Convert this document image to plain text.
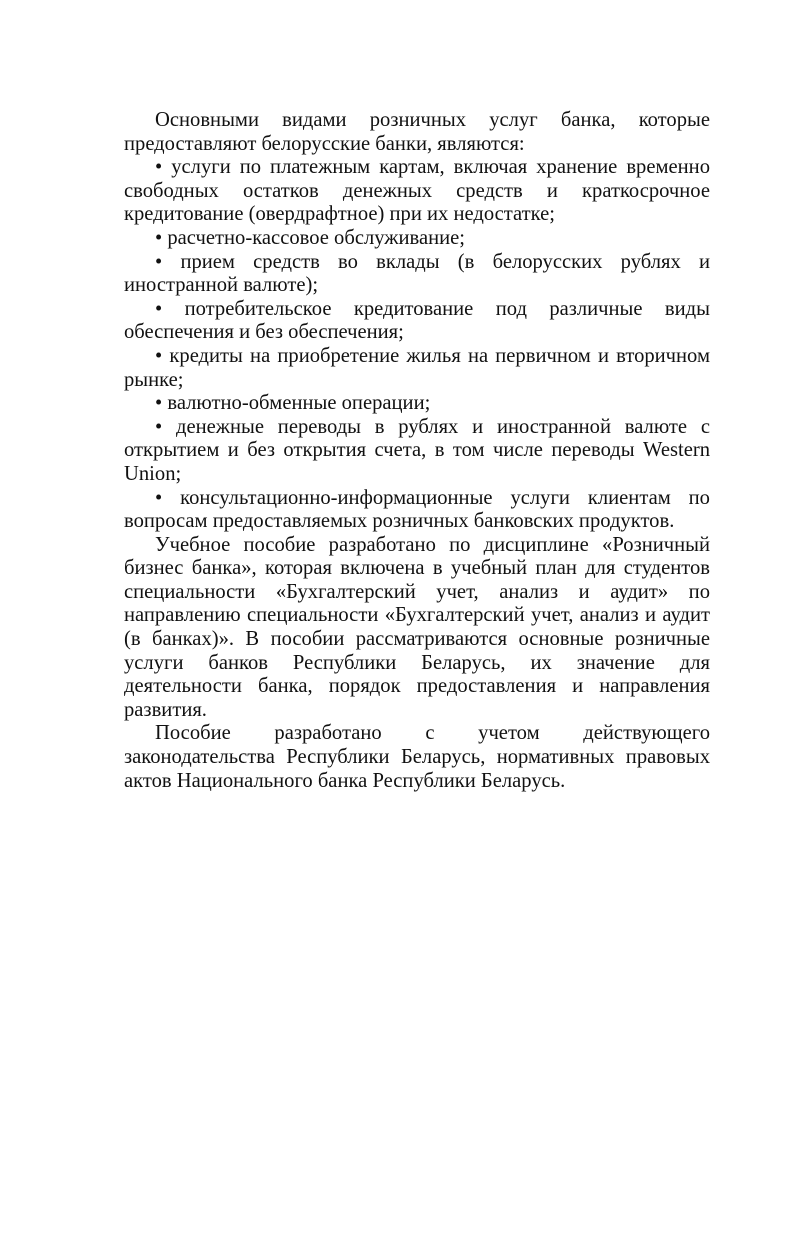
Основными видами розничных услуг банка, которые предоставляют белорусские банки, являются:

• услуги по платежным картам, включая хранение временно свободных остатков денежных средств и краткосрочное кредитование (овердрафтное) при их недостатке;
• расчетно-кассовое обслуживание;
• прием средств во вклады (в белорусских рублях и иностранной валюте);
• потребительское кредитование под различные виды обеспечения и без обеспечения;
• кредиты на приобретение жилья на первичном и вторичном рынке;
• валютно-обменные операции;
• денежные переводы в рублях и иностранной валюте с открытием и без открытия счета, в том числе переводы Western Union;
• консультационно-информационные услуги клиентам по вопросам предоставляемых розничных банковских продуктов.

Учебное пособие разработано по дисциплине «Розничный бизнес банка», которая включена в учебный план для студентов специальности «Бухгалтерский учет, анализ и аудит» по направлению специальности «Бухгалтерский учет, анализ и аудит (в банках)». В пособии рассматриваются основные розничные услуги банков Республики Беларусь, их значение для деятельности банка, порядок предоставления и направления развития.

Пособие разработано с учетом действующего законодательства Республики Беларусь, нормативных правовых актов Национального банка Республики Беларусь.
